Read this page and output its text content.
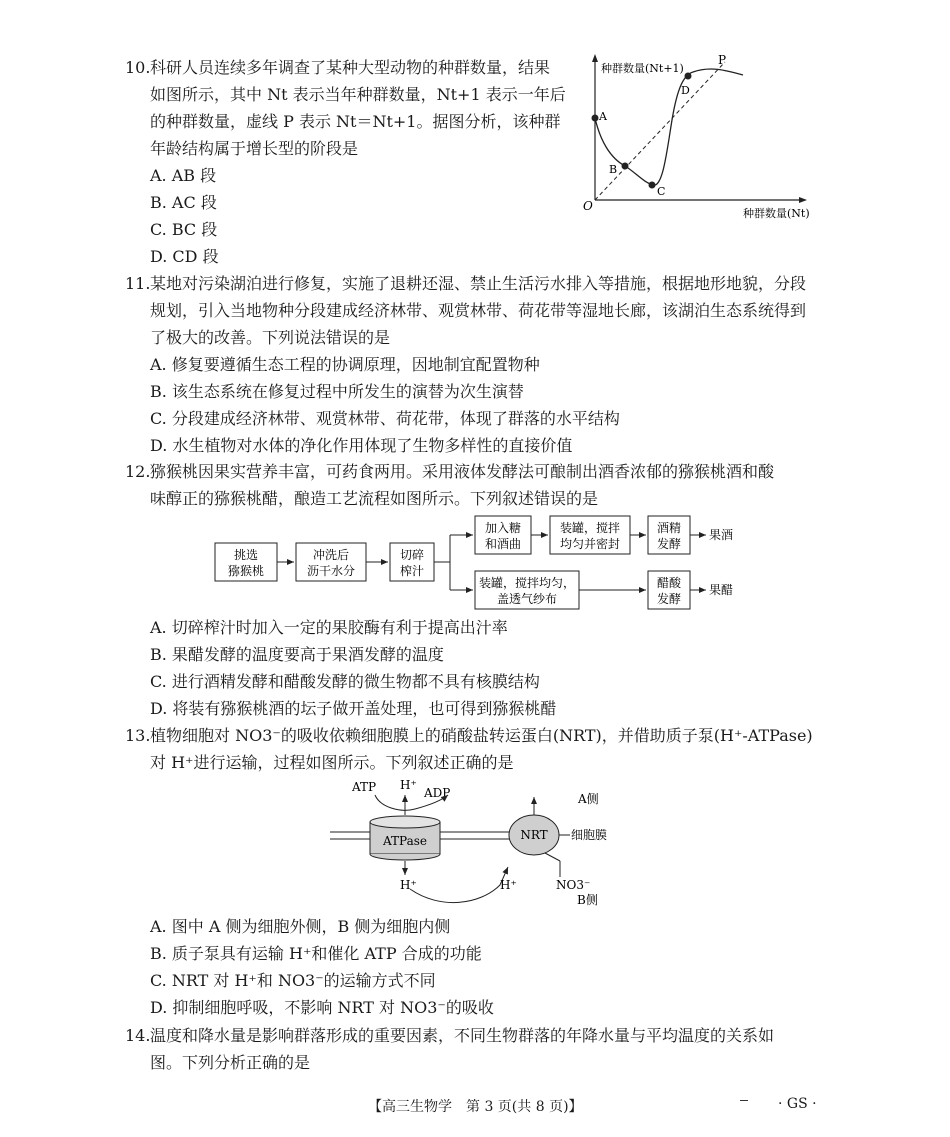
10.科研人员连续多年调查了某种大型动物的种群数量，结果
如图所示，其中 Nt 表示当年种群数量，Nt+1 表示一年后
的种群数量，虚线 P 表示 Nt＝Nt+1。据图分析，该种群
年龄结构属于增长型的阶段是
A. AB 段
B. AC 段
C. BC 段
D. CD 段
种群数量(Nt+1)
种群数量(Nt)
O
P
A
B
C
D
11.某地对污染湖泊进行修复，实施了退耕还湿、禁止生活污水排入等措施，根据地形地貌，分段
规划，引入当地物种分段建成经济林带、观赏林带、荷花带等湿地长廊，该湖泊生态系统得到
了极大的改善。下列说法错误的是
A. 修复要遵循生态工程的协调原理，因地制宜配置物种
B. 该生态系统在修复过程中所发生的演替为次生演替
C. 分段建成经济林带、观赏林带、荷花带，体现了群落的水平结构
D. 水生植物对水体的净化作用体现了生物多样性的直接价值
12.猕猴桃因果实营养丰富，可药食两用。采用液体发酵法可酿制出酒香浓郁的猕猴桃酒和酸
味醇正的猕猴桃醋，酿造工艺流程如图所示。下列叙述错误的是
挑选
猕猴桃
冲洗后
沥干水分
切碎
榨汁
加入糖
和酒曲
装罐，搅拌
均匀并密封
酒精
发酵
果酒
装罐，搅拌均匀，
盖透气纱布
醋酸
发酵
果醋
A. 切碎榨汁时加入一定的果胶酶有利于提高出汁率
B. 果醋发酵的温度要高于果酒发酵的温度
C. 进行酒精发酵和醋酸发酵的微生物都不具有核膜结构
D. 将装有猕猴桃酒的坛子做开盖处理，也可得到猕猴桃醋
13.植物细胞对 NO3⁻的吸收依赖细胞膜上的硝酸盐转运蛋白(NRT)，并借助质子泵(H⁺-ATPase)
对 H⁺进行运输，过程如图所示。下列叙述正确的是
ATPase	NRT
ATP H⁺
ADP	A侧
细胞膜
H⁺	H⁺	NO3⁻
B侧
A. 图中 A 侧为细胞外侧，B 侧为细胞内侧
B. 质子泵具有运输 H⁺和催化 ATP 合成的功能
C. NRT 对 H⁺和 NO3⁻的运输方式不同
D. 抑制细胞呼吸，不影响 NRT 对 NO3⁻的吸收
14.温度和降水量是影响群落形成的重要因素，不同生物群落的年降水量与平均温度的关系如
图。下列分析正确的是
【高三生物学　第 3 页(共 8 页)】	· GS ·
